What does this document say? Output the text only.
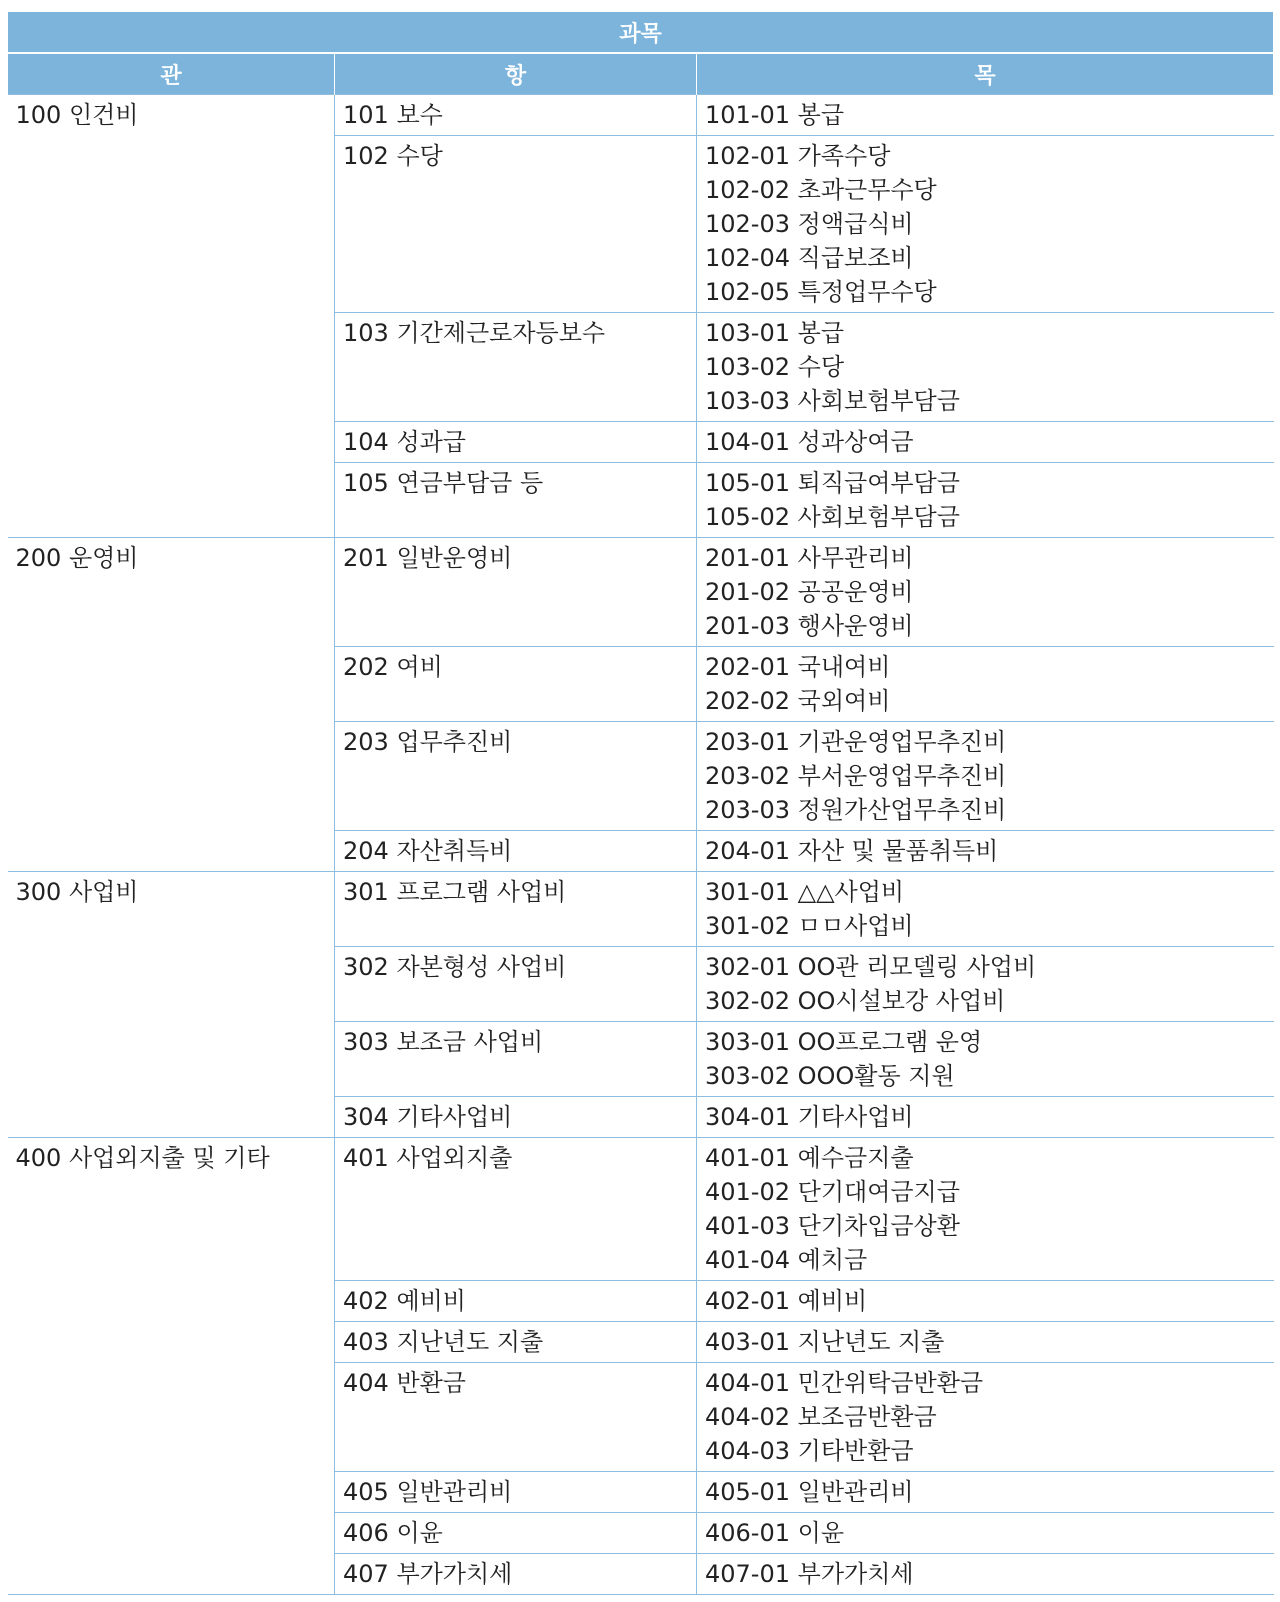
과목		
관	항	목

100 인건비	101 보수	101-01 봉급

	102 수당	102-01 가족수당
102-02 초과근무수당
102-03 정액급식비
102-04 직급보조비
102-05 특정업무수당

	103 기간제근로자등보수	103-01 봉급
103-02 수당
103-03 사회보험부담금

	104 성과급	104-01 성과상여금

	105 연금부담금 등	105-01 퇴직급여부담금
105-02 사회보험부담금

200 운영비	201 일반운영비	201-01 사무관리비
201-02 공공운영비
201-03 행사운영비

	202 여비	202-01 국내여비
202-02 국외여비

	203 업무추진비	203-01 기관운영업무추진비
203-02 부서운영업무추진비
203-03 정원가산업무추진비

	204 자산취득비	204-01 자산 및 물품취득비

300 사업비	301 프로그램 사업비	301-01 △△사업비
301-02 ㅁㅁ사업비

	302 자본형성 사업비	302-01 OO관 리모델링 사업비
302-02 OO시설보강 사업비

	303 보조금 사업비	303-01 OO프로그램 운영
303-02 OOO활동 지원

	304 기타사업비	304-01 기타사업비

400 사업외지출 및 기타	401 사업외지출	401-01 예수금지출
401-02 단기대여금지급
401-03 단기차입금상환
401-04 예치금

	402 예비비	402-01 예비비

	403 지난년도 지출	403-01 지난년도 지출

	404 반환금	404-01 민간위탁금반환금
404-02 보조금반환금
404-03 기타반환금

	405 일반관리비	405-01 일반관리비

	406 이윤	406-01 이윤

	407 부가가치세	407-01 부가가치세
